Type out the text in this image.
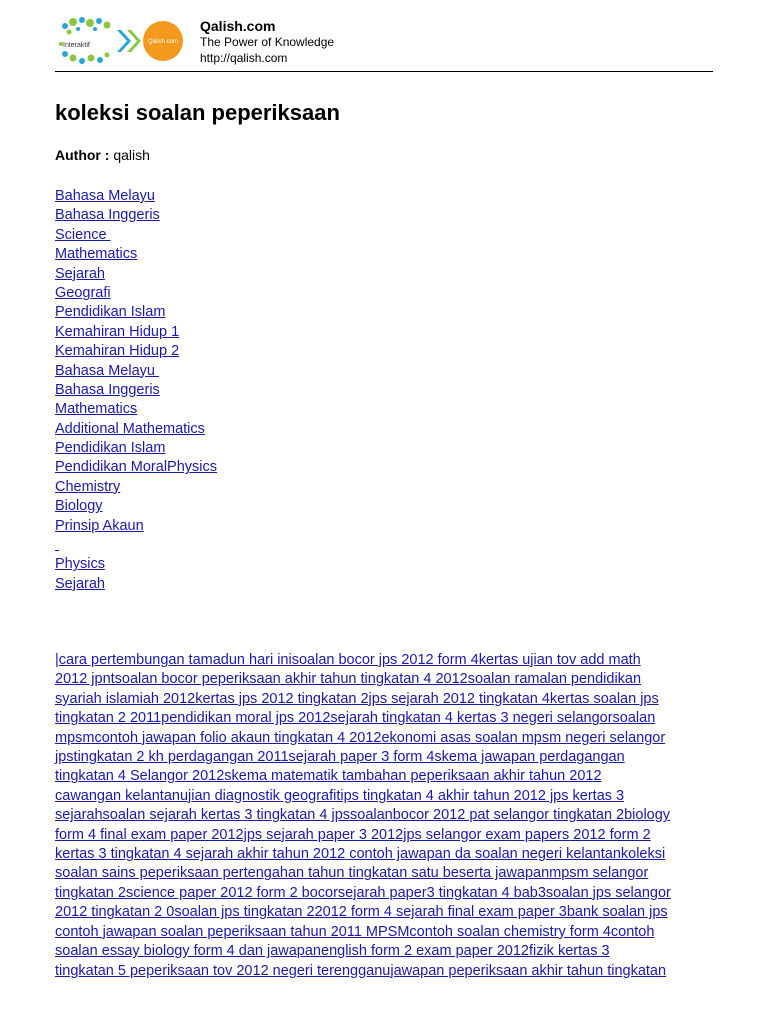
Interaktif	Qalish.com
Qalish.com
The Power of Knowledge
http://qalish.com
koleksi soalan peperiksaan
Author : qalish
Bahasa Melayu
Bahasa Inggeris
Science
Mathematics
Sejarah
Geografi
Pendidikan Islam
Kemahiran Hidup 1
Kemahiran Hidup 2
Bahasa Melayu
Bahasa Inggeris
Mathematics
Additional Mathematics
Pendidikan Islam
Pendidikan MoralPhysics
Chemistry
Biology
Prinsip Akaun

Physics
Sejarah
|cara pertembungan tamadun hari inisoalan bocor jps 2012 form 4kertas ujian tov add math
2012 jpntsoalan bocor peperiksaan akhir tahun tingkatan 4 2012soalan ramalan pendidikan
syariah islamiah 2012kertas jps 2012 tingkatan 2jps sejarah 2012 tingkatan 4kertas soalan jps
tingkatan 2 2011pendidikan moral jps 2012sejarah tingkatan 4 kertas 3 negeri selangorsoalan
mpsmcontoh jawapan folio akaun tingkatan 4 2012ekonomi asas soalan mpsm negeri selangor
jpstingkatan 2 kh perdagangan 2011sejarah paper 3 form 4skema jawapan perdagangan
tingkatan 4 Selangor 2012skema matematik tambahan peperiksaan akhir tahun 2012
cawangan kelantanujian diagnostik geografitips tingkatan 4 akhir tahun 2012 jps kertas 3
sejarahsoalan sejarah kertas 3 tingkatan 4 jpssoalanbocor 2012 pat selangor tingkatan 2biology
form 4 final exam paper 2012jps sejarah paper 3 2012jps selangor exam papers 2012 form 2
kertas 3 tingkatan 4 sejarah akhir tahun 2012 contoh jawapan da soalan negeri kelantankoleksi
soalan sains peperiksaan pertengahan tahun tingkatan satu beserta jawapanmpsm selangor
tingkatan 2science paper 2012 form 2 bocorsejarah paper3 tingkatan 4 bab3soalan jps selangor
2012 tingkatan 2 0soalan jps tingkatan 22012 form 4 sejarah final exam paper 3bank soalan jps
contoh jawapan soalan peperiksaan tahun 2011 MPSMcontoh soalan chemistry form 4contoh
soalan essay biology form 4 dan jawapanenglish form 2 exam paper 2012fizik kertas 3
tingkatan 5 peperiksaan tov 2012 negeri terengganujawapan peperiksaan akhir tahun tingkatan
